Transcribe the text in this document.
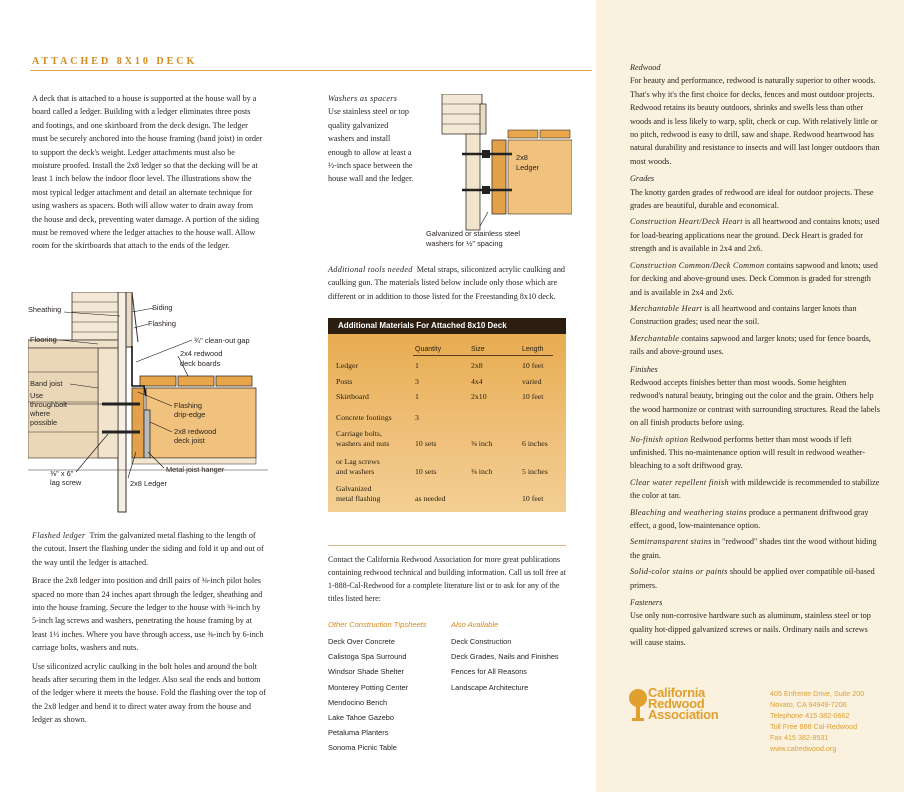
ATTACHED 8X10 DECK

A deck that is attached to a house is supported at the house wall by a board called a ledger. Building with a ledger eliminates three posts and footings, and one skirtboard from the deck design. The ledger must be securely anchored into the house framing (band joist) in order to support the deck's weight. Ledger attachments must also be moisture proofed. Install the 2x8 ledger so that the decking will be at least 1 inch below the indoor floor level. The illustrations show the most typical ledger attachment and detail an alternate technique for using washers as spacers. Both will allow water to drain away from the house and deck, preventing water damage. A portion of the siding must be removed where the ledger attaches to the house wall. Allow room for the skirtboards that attach to the ends of the ledger.

Sheathing	Siding
Flashing
¾" clean-out gap
Flooring
2x4 redwood
deck boards
Band joist
Use
throughbolt
where
possible
Flashing
drip-edge
2x8 redwood
deck joist
Metal joist hanger
⅜" x 6"
lag screw	2x8 Ledger

Flashed ledger Trim the galvanized metal flashing to the length of the cutout. Insert the flashing under the siding and fold it up and out of the way until the ledger is attached.

Brace the 2x8 ledger into position and drill pairs of ⅜-inch pilot holes spaced no more than 24 inches apart through the ledger, sheathing and into the house framing. Secure the ledger to the house with ⅜-inch by 5-inch lag screws and washers, penetrating the house framing by at least 1½ inches. Where you have through access, use ⅜-inch by 6-inch carriage bolts, washers and nuts.

Use siliconized acrylic caulking in the bolt holes and around the bolt heads after securing them in the ledger. Also seal the ends and bottom of the ledger where it meets the house. Fold the flashing over the top of the 2x8 ledger and bend it to direct water away from the house and ledger as shown.

Washers as spacers
Use stainless steel or top quality galvanized washers and install enough to allow at least a ½-inch space between the house wall and the ledger.
2x8
Ledger
Galvanized or stainless steel
washers for ½" spacing
Additional tools needed Metal straps, siliconized acrylic caulking and caulking gun. The materials listed below include only those which are different or in addition to those listed for the Freestanding 8x10 deck.
Additional Materials For Attached 8x10 Deck
Quantity	Size	Length
Ledger	1	2x8	10 feet
Posts	3	4x4	varied
Skirtboard	1	2x10	10 feet
Concrete footings	3
Carriage bolts,
washers and nuts	10 sets	⅜ inch	6 inches
or Lag screws
and washers	10 sets	⅜ inch	5 inches
Galvanized
metal flashing	as needed	10 feet
Contact the California Redwood Association for more great publications containing redwood technical and building information. Call us toll free at 1-888-Cal-Redwood for a complete literature list or to ask for any of the titles listed here:
Other Construction Tipsheets
Deck Over Concrete
Calistoga Spa Surround
Windsor Shade Shelter
Monterey Potting Center
Mendocino Bench
Lake Tahoe Gazebo
Petaluma Planters
Sonoma Picnic Table
Also Available
Deck Construction
Deck Grades, Nails and Finishes
Fences for All Reasons
Landscape Architecture
Redwood

For beauty and performance, redwood is naturally superior to other woods. That's why it's the first choice for decks, fences and most outdoor projects. Redwood retains its beauty outdoors, shrinks and swells less than other woods and is less likely to warp, split, check or cup. With relatively little or no pitch, redwood is easy to drill, saw and shape. Redwood heartwood has natural durability and resistance to insects and will last longer outdoors than most woods.

Grades

The knotty garden grades of redwood are ideal for outdoor projects. These grades are beautiful, durable and economical.

Construction Heart/Deck Heart is all heartwood and contains knots; used for load-bearing applications near the ground. Deck Heart is graded for strength and is available in 2x4 and 2x6.

Construction Common/Deck Common contains sapwood and knots; used for decking and above-ground uses. Deck Common is graded for strength and is available in 2x4 and 2x6.

Merchantable Heart is all heartwood and contains larger knots than Construction grades; used near the soil.

Merchantable contains sapwood and larger knots; used for fence boards, rails and above-ground uses.

Finishes

Redwood accepts finishes better than most woods. Some heighten redwood's natural beauty, bringing out the color and the grain. Others help the wood harmonize or contrast with surrounding structures. Read the labels on all finish products before using.

No-finish option Redwood performs better than most woods if left unfinished. This no-maintenance option will result in redwood weather-bleaching to a soft driftwood gray.

Clear water repellent finish with mildewcide is recommended to stabilize the color at tan.

Bleaching and weathering stains produce a permanent driftwood gray effect, a good, low-maintenance option.

Semitransparent stains in "redwood" shades tint the wood without hiding the grain.

Solid-color stains or paints should be applied over compatible oil-based primers.

Fasteners

Use only non-corrosive hardware such as aluminum, stainless steel or top quality hot-dipped galvanized screws or nails. Ordinary nails and screws will cause stains.

California
Redwood
Association
405 Enfrente Drive, Suite 200
Novato, CA 94949-7206
Telephone 415 382-0662
Toll Free 888 Cal-Redwood
Fax 415 382-8531
www.calredwood.org
